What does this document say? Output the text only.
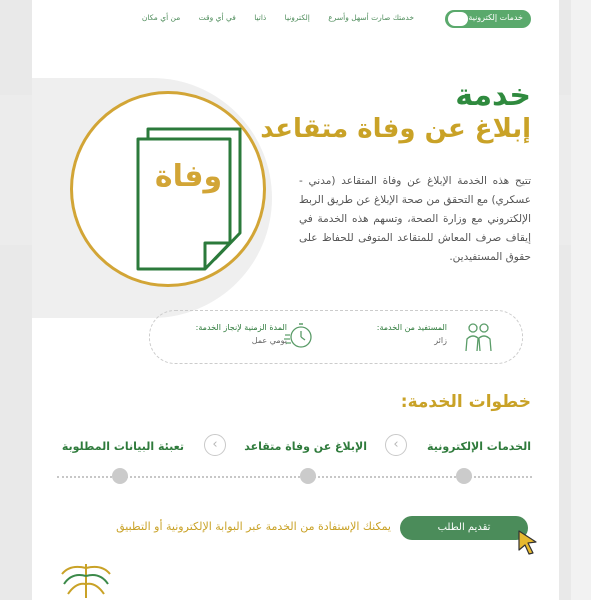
خدمات إلكترونية
خدمتك صارت أسهل وأسرع إلكترونيا ذاتيا في أي وقت من أي مكان
وفاة
خدمة
إبلاغ عن وفاة متقاعد
تتيح هذه الخدمة الإبلاغ عن وفاة المتقاعد (مدني - عسكري) مع التحقق من صحة الإبلاغ عن طريق الربط الإلكتروني مع وزارة الصحة، وتسهم هذه الخدمة في إيقاف صرف المعاش للمتقاعد المتوفى للحفاظ على حقوق المستفيدين.
المستفيد من الخدمة:
زائر
المدة الزمنية لإنجاز الخدمة:
يومي عمل
خطوات الخدمة:
الخدمات الإلكترونية
‹
الإبلاغ عن وفاة متقاعد
‹
تعبئة البيانات المطلوبة
تقديم الطلب
يمكنك الإستفادة من الخدمة عبر البوابة الإلكترونية أو التطبيق
